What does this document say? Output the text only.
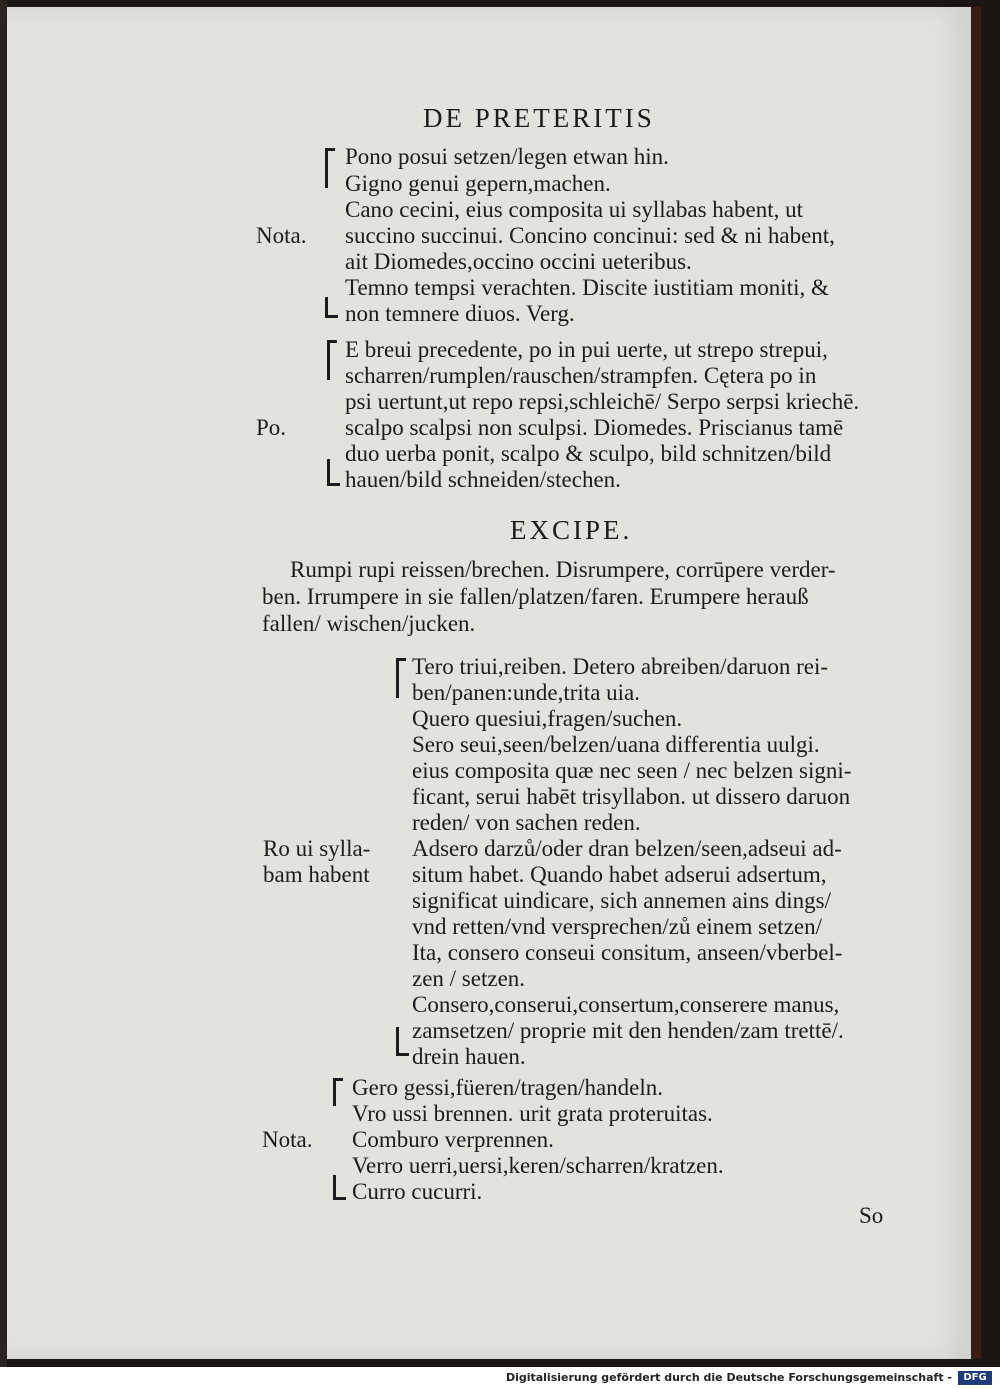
DE PRETERITIS
Pono posui setzen/legen etwan hin.
Gigno genui gepern,machen.
Cano cecini, eius composita ui syllabas habent, ut
succino succinui. Concino concinui: sed & ni habent,
ait Diomedes,occino occini ueteribus.
Temno tempsi verachten. Discite iustitiam moniti, &
non temnere diuos. Verg.
Nota.
E breui precedente, po in pui uerte, ut strepo strepui,
scharren/rumplen/rauschen/strampfen. Cętera po in
psi uertunt,ut repo repsi,schleichē/ Serpo serpsi kriechē.
scalpo scalpsi non sculpsi. Diomedes. Priscianus tamē
duo uerba ponit, scalpo & sculpo, bild schnitzen/bild
hauen/bild schneiden/stechen.
Po.
EXCIPE.
Rumpi rupi reissen/brechen. Disrumpere, corrūpere verder-
ben. Irrumpere in sie fallen/platzen/faren. Erumpere herauß
fallen/ wischen/jucken.
Tero triui,reiben. Detero abreiben/daruon rei-
ben/panen:unde,trita uia.
Quero quesiui,fragen/suchen.
Sero seui,seen/belzen/uana differentia uulgi.
eius composita quæ nec seen / nec belzen signi-
ficant, serui habēt trisyllabon. ut dissero daruon
reden/ von sachen reden.
Adsero darzů/oder dran belzen/seen,adseui ad-
situm habet. Quando habet adserui adsertum,
significat uindicare, sich annemen ains dings/
vnd retten/vnd versprechen/zů einem setzen/
Ita, consero conseui consitum, anseen/vberbel-
zen / setzen.
Consero,conserui,consertum,conserere manus,
zamsetzen/ proprie mit den henden/zam trettē/.
drein hauen.
Ro ui sylla-
bam habent
Gero gessi,füeren/tragen/handeln.
Vro ussi brennen. urit grata proteruitas.
Comburo verprennen.
Verro uerri,uersi,keren/scharren/kratzen.
Curro cucurri.
Nota.
So
Digitalisierung gefördert durch die Deutsche Forschungsgemeinschaft -	DFG
